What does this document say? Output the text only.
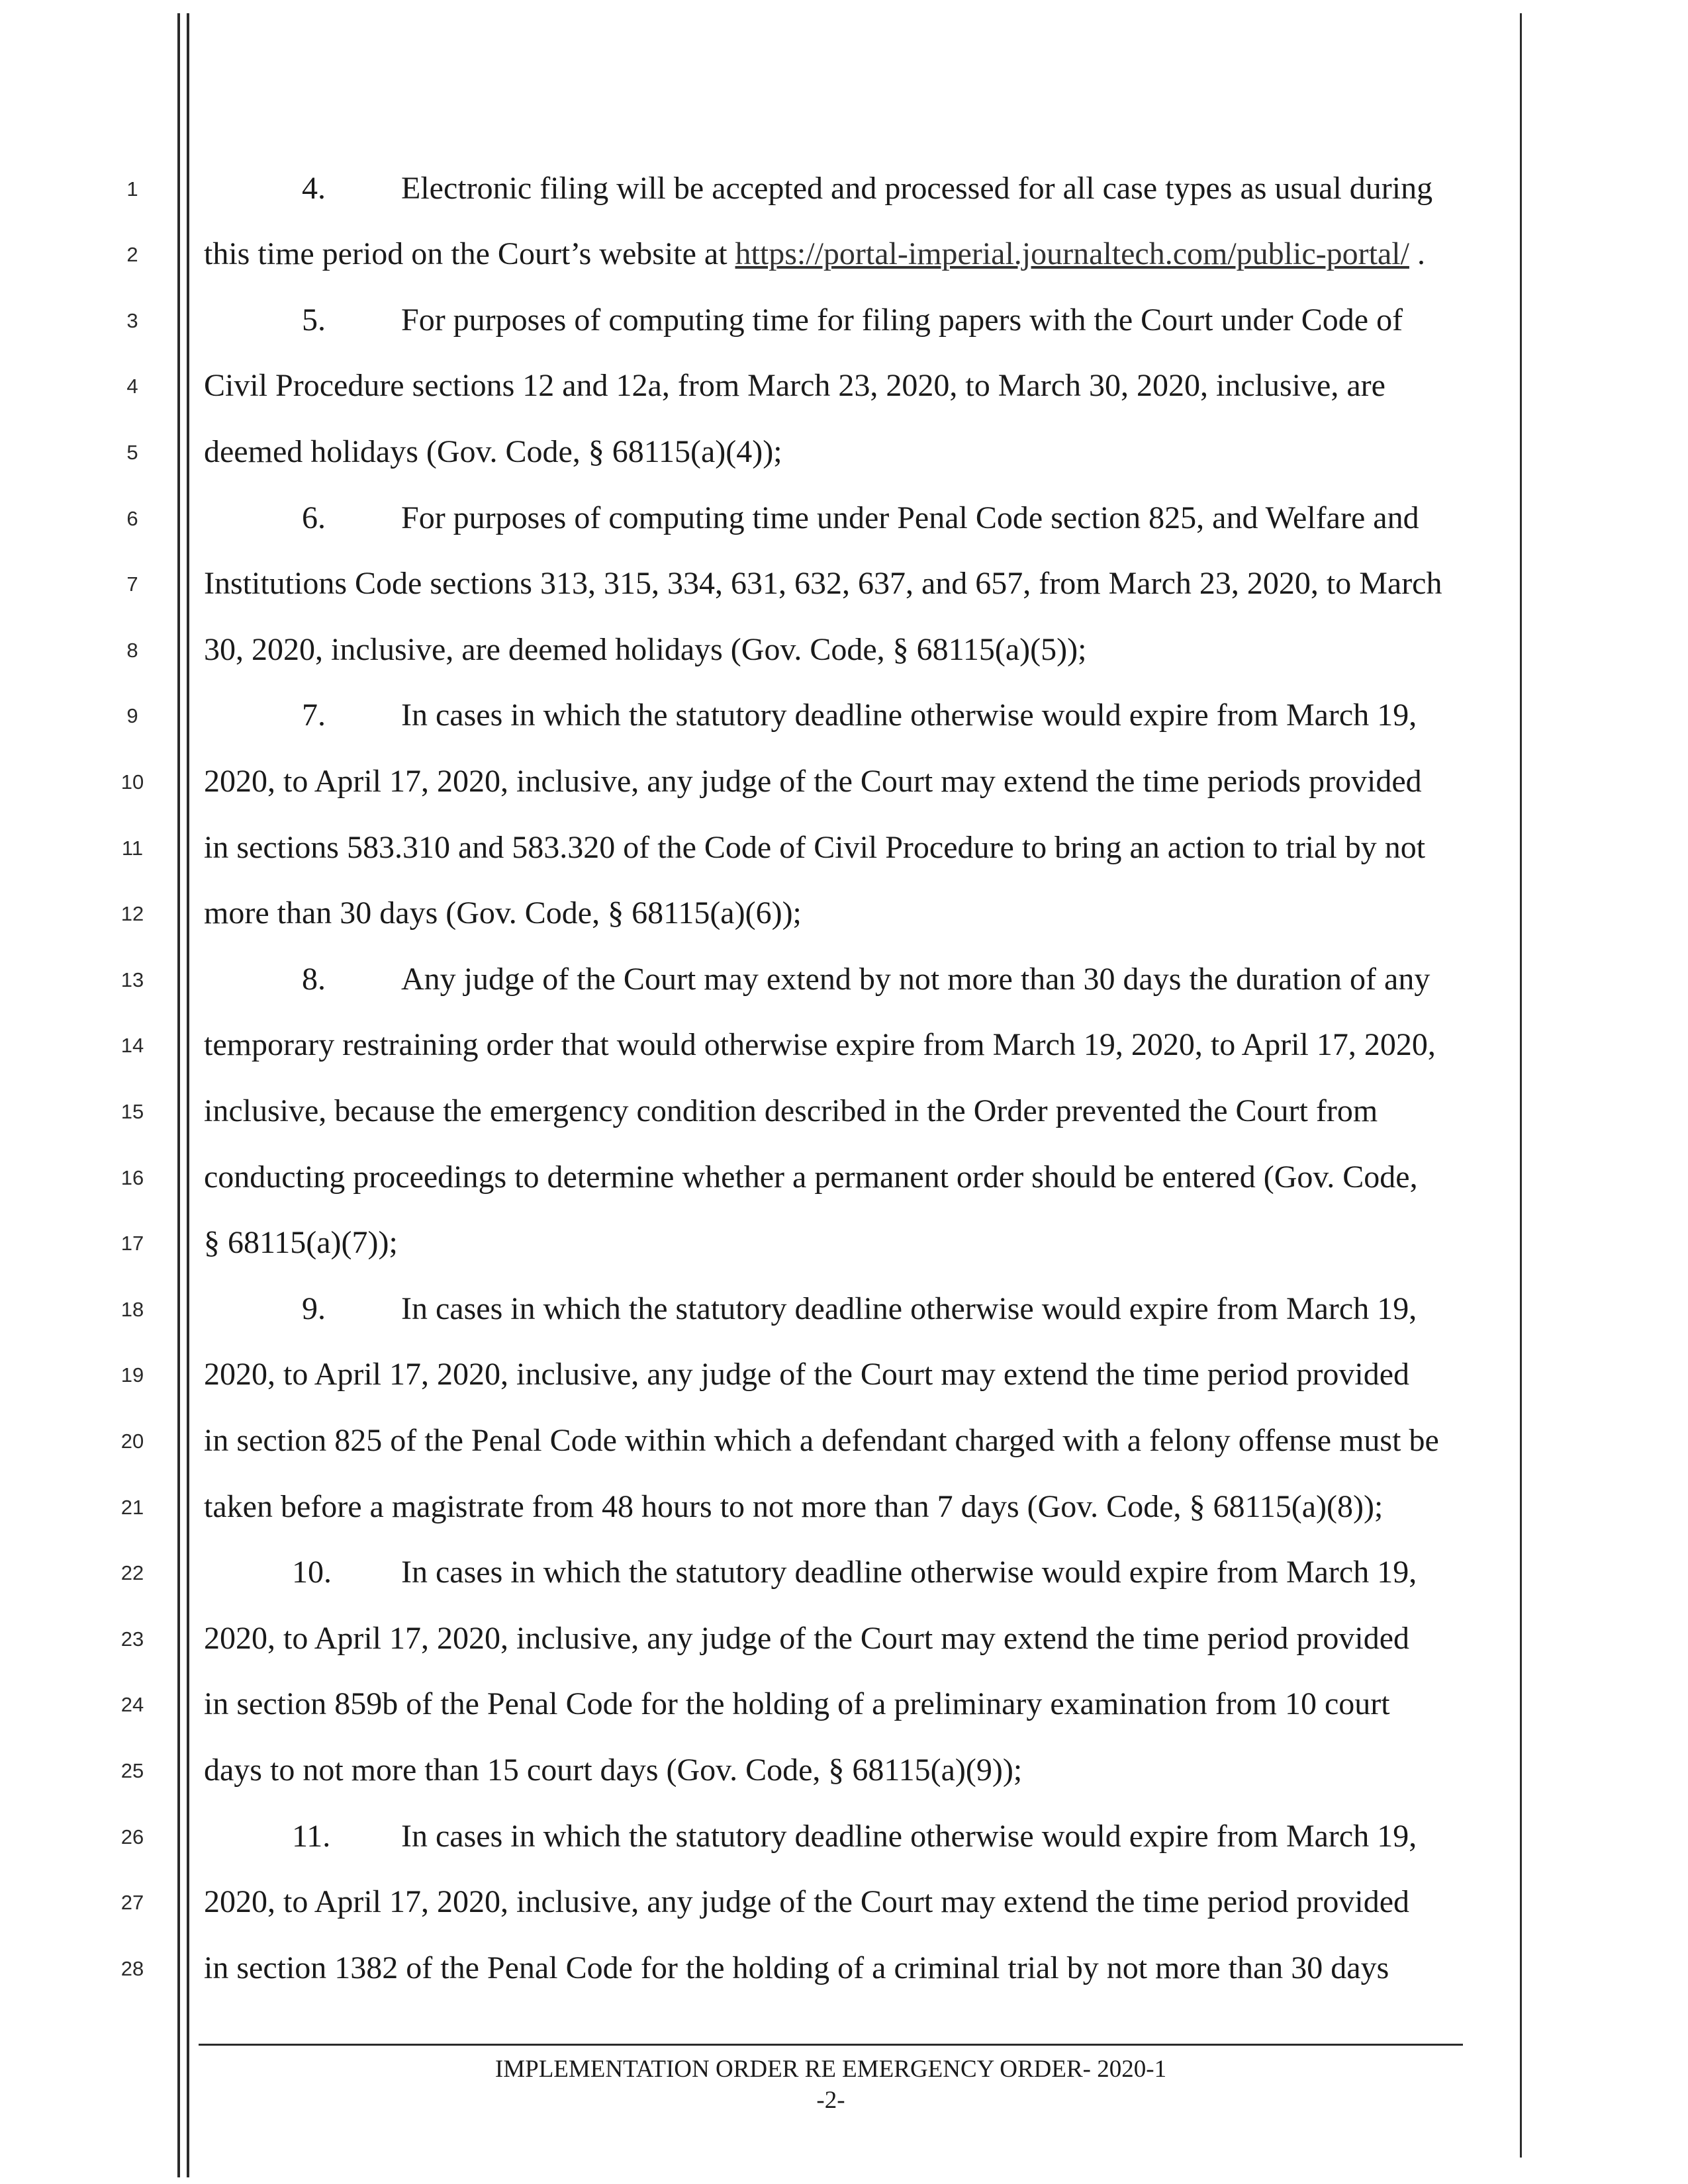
1
2
3
4
5
6
7
8
9
10
11
12
13
14
15
16
17
18
19
20
21
22
23
24
25
26
27
28
4. Electronic filing will be accepted and processed for all case types as usual during
this time period on the Court’s website at https://portal-imperial.journaltech.com/public-portal/ .
5. For purposes of computing time for filing papers with the Court under Code of
Civil Procedure sections 12 and 12a, from March 23, 2020, to March 30, 2020, inclusive, are
deemed holidays (Gov. Code, § 68115(a)(4));
6. For purposes of computing time under Penal Code section 825, and Welfare and
Institutions Code sections 313, 315, 334, 631, 632, 637, and 657, from March 23, 2020, to March
30, 2020, inclusive, are deemed holidays (Gov. Code, § 68115(a)(5));
7. In cases in which the statutory deadline otherwise would expire from March 19,
2020, to April 17, 2020, inclusive, any judge of the Court may extend the time periods provided
in sections 583.310 and 583.320 of the Code of Civil Procedure to bring an action to trial by not
more than 30 days (Gov. Code, § 68115(a)(6));
8. Any judge of the Court may extend by not more than 30 days the duration of any
temporary restraining order that would otherwise expire from March 19, 2020, to April 17, 2020,
inclusive, because the emergency condition described in the Order prevented the Court from
conducting proceedings to determine whether a permanent order should be entered (Gov. Code,
§ 68115(a)(7));
9. In cases in which the statutory deadline otherwise would expire from March 19,
2020, to April 17, 2020, inclusive, any judge of the Court may extend the time period provided
in section 825 of the Penal Code within which a defendant charged with a felony offense must be
taken before a magistrate from 48 hours to not more than 7 days (Gov. Code, § 68115(a)(8));
10. In cases in which the statutory deadline otherwise would expire from March 19,
2020, to April 17, 2020, inclusive, any judge of the Court may extend the time period provided
in section 859b of the Penal Code for the holding of a preliminary examination from 10 court
days to not more than 15 court days (Gov. Code, § 68115(a)(9));
11. In cases in which the statutory deadline otherwise would expire from March 19,
2020, to April 17, 2020, inclusive, any judge of the Court may extend the time period provided
in section 1382 of the Penal Code for the holding of a criminal trial by not more than 30 days
IMPLEMENTATION ORDER RE EMERGENCY ORDER- 2020-1
-2-
